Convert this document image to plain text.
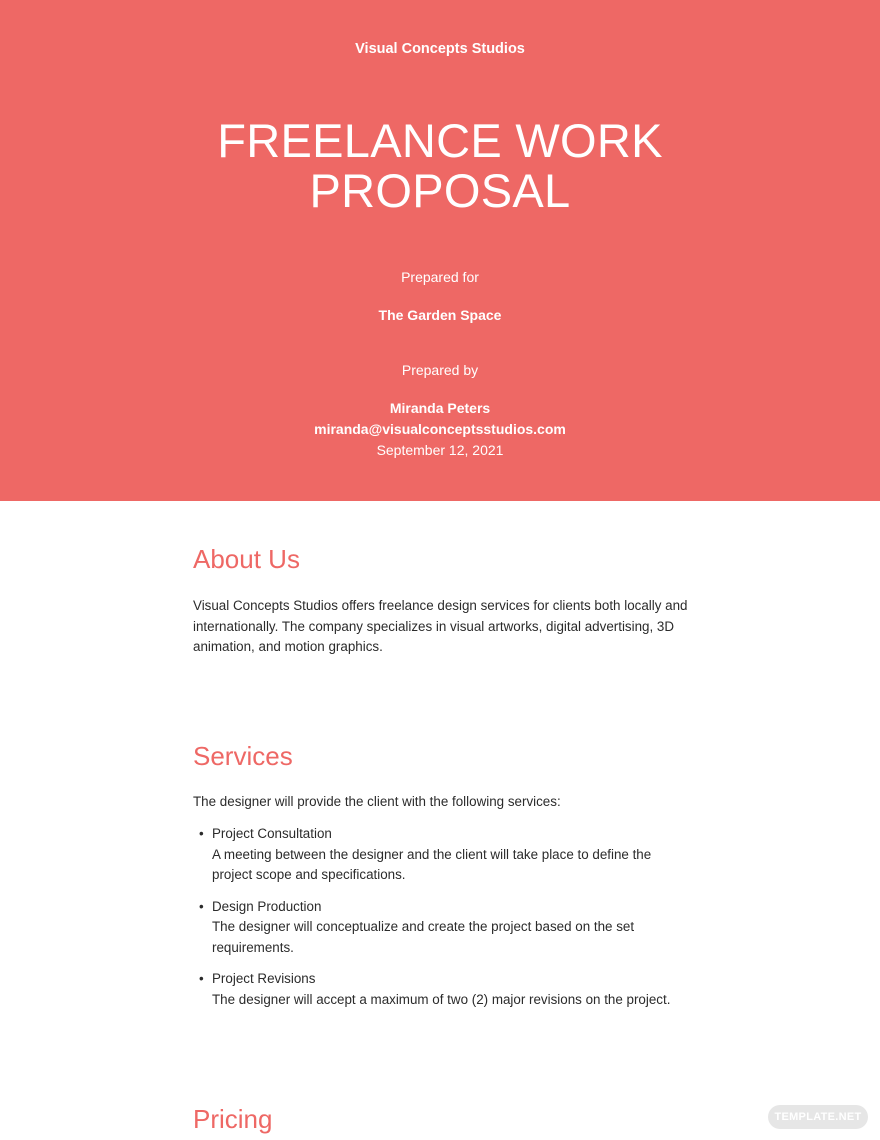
Visual Concepts Studios
FREELANCE WORK
PROPOSAL
Prepared for
The Garden Space
Prepared by
Miranda Peters
miranda@visualconceptsstudios.com
September 12, 2021
About Us
Visual Concepts Studios offers freelance design services for clients both locally and internationally. The company specializes in visual artworks, digital advertising, 3D animation, and motion graphics.
Services
The designer will provide the client with the following services:
• Project Consultation
A meeting between the designer and the client will take place to define the project scope and specifications.
• Design Production
The designer will conceptualize and create the project based on the set requirements.
• Project Revisions
The designer will accept a maximum of two (2) major revisions on the project.
Pricing	TEMPLATE.NET
